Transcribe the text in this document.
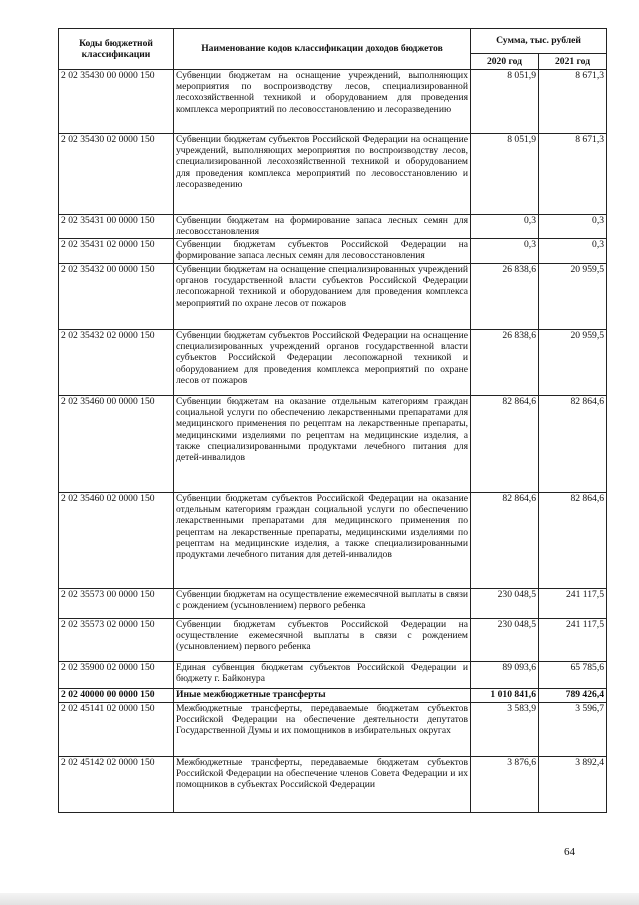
Коды бюджетной классификации	Наименование кодов классификации доходов бюджетов	Сумма, тыс. рублей	
		2020 год	2021 год
2 02 35430 00 0000 150	Субвенции бюджетам на оснащение учреждений, выполняющих мероприятия по воспроизводству лесов, специализированной лесохозяйственной техникой и оборудованием для проведения комплекса мероприятий по лесовосстановлению и лесоразведению	8 051,9	8 671,3
2 02 35430 02 0000 150	Субвенции бюджетам субъектов Российской Федерации на оснащение учреждений, выполняющих мероприятия по воспроизводству лесов, специализированной лесохозяйственной техникой и оборудованием для проведения комплекса мероприятий по лесовосстановлению и лесоразведению	8 051,9	8 671,3
2 02 35431 00 0000 150	Субвенции бюджетам на формирование запаса лесных семян для лесовосстановления	0,3	0,3
2 02 35431 02 0000 150	Субвенции бюджетам субъектов Российской Федерации на формирование запаса лесных семян для лесовосстановления	0,3	0,3
2 02 35432 00 0000 150	Субвенции бюджетам на оснащение специализированных учреждений органов государственной власти субъектов Российской Федерации лесопожарной техникой и оборудованием для проведения комплекса мероприятий по охране лесов от пожаров	26 838,6	20 959,5
2 02 35432 02 0000 150	Субвенции бюджетам субъектов Российской Федерации на оснащение специализированных учреждений органов государственной власти субъектов Российской Федерации лесопожарной техникой и оборудованием для проведения комплекса мероприятий по охране лесов от пожаров	26 838,6	20 959,5
2 02 35460 00 0000 150	Субвенции бюджетам на оказание отдельным категориям граждан социальной услуги по обеспечению лекарственными препаратами для медицинского применения по рецептам на лекарственные препараты, медицинскими изделиями по рецептам на медицинские изделия, а также специализированными продуктами лечебного питания для детей-инвалидов	82 864,6	82 864,6
2 02 35460 02 0000 150	Субвенции бюджетам субъектов Российской Федерации на оказание отдельным категориям граждан социальной услуги по обеспечению лекарственными препаратами для медицинского применения по рецептам на лекарственные препараты, медицинскими изделиями по рецептам на медицинские изделия, а также специализированными продуктами лечебного питания для детей-инвалидов	82 864,6	82 864,6
2 02 35573 00 0000 150	Субвенции бюджетам на осуществление ежемесячной выплаты в связи с рождением (усыновлением) первого ребенка	230 048,5	241 117,5
2 02 35573 02 0000 150	Субвенции бюджетам субъектов Российской Федерации на осуществление ежемесячной выплаты в связи с рождением (усыновлением) первого ребенка	230 048,5	241 117,5
2 02 35900 02 0000 150	Единая субвенция бюджетам субъектов Российской Федерации и бюджету г. Байконура	89 093,6	65 785,6
2 02 40000 00 0000 150	Иные межбюджетные трансферты	1 010 841,6	789 426,4
2 02 45141 02 0000 150	Межбюджетные трансферты, передаваемые бюджетам субъектов Российской Федерации на обеспечение деятельности депутатов Государственной Думы и их помощников в избирательных округах	3 583,9	3 596,7
2 02 45142 02 0000 150	Межбюджетные трансферты, передаваемые бюджетам субъектов Российской Федерации на обеспечение членов Совета Федерации и их помощников в субъектах Российской Федерации	3 876,6	3 892,4
64
